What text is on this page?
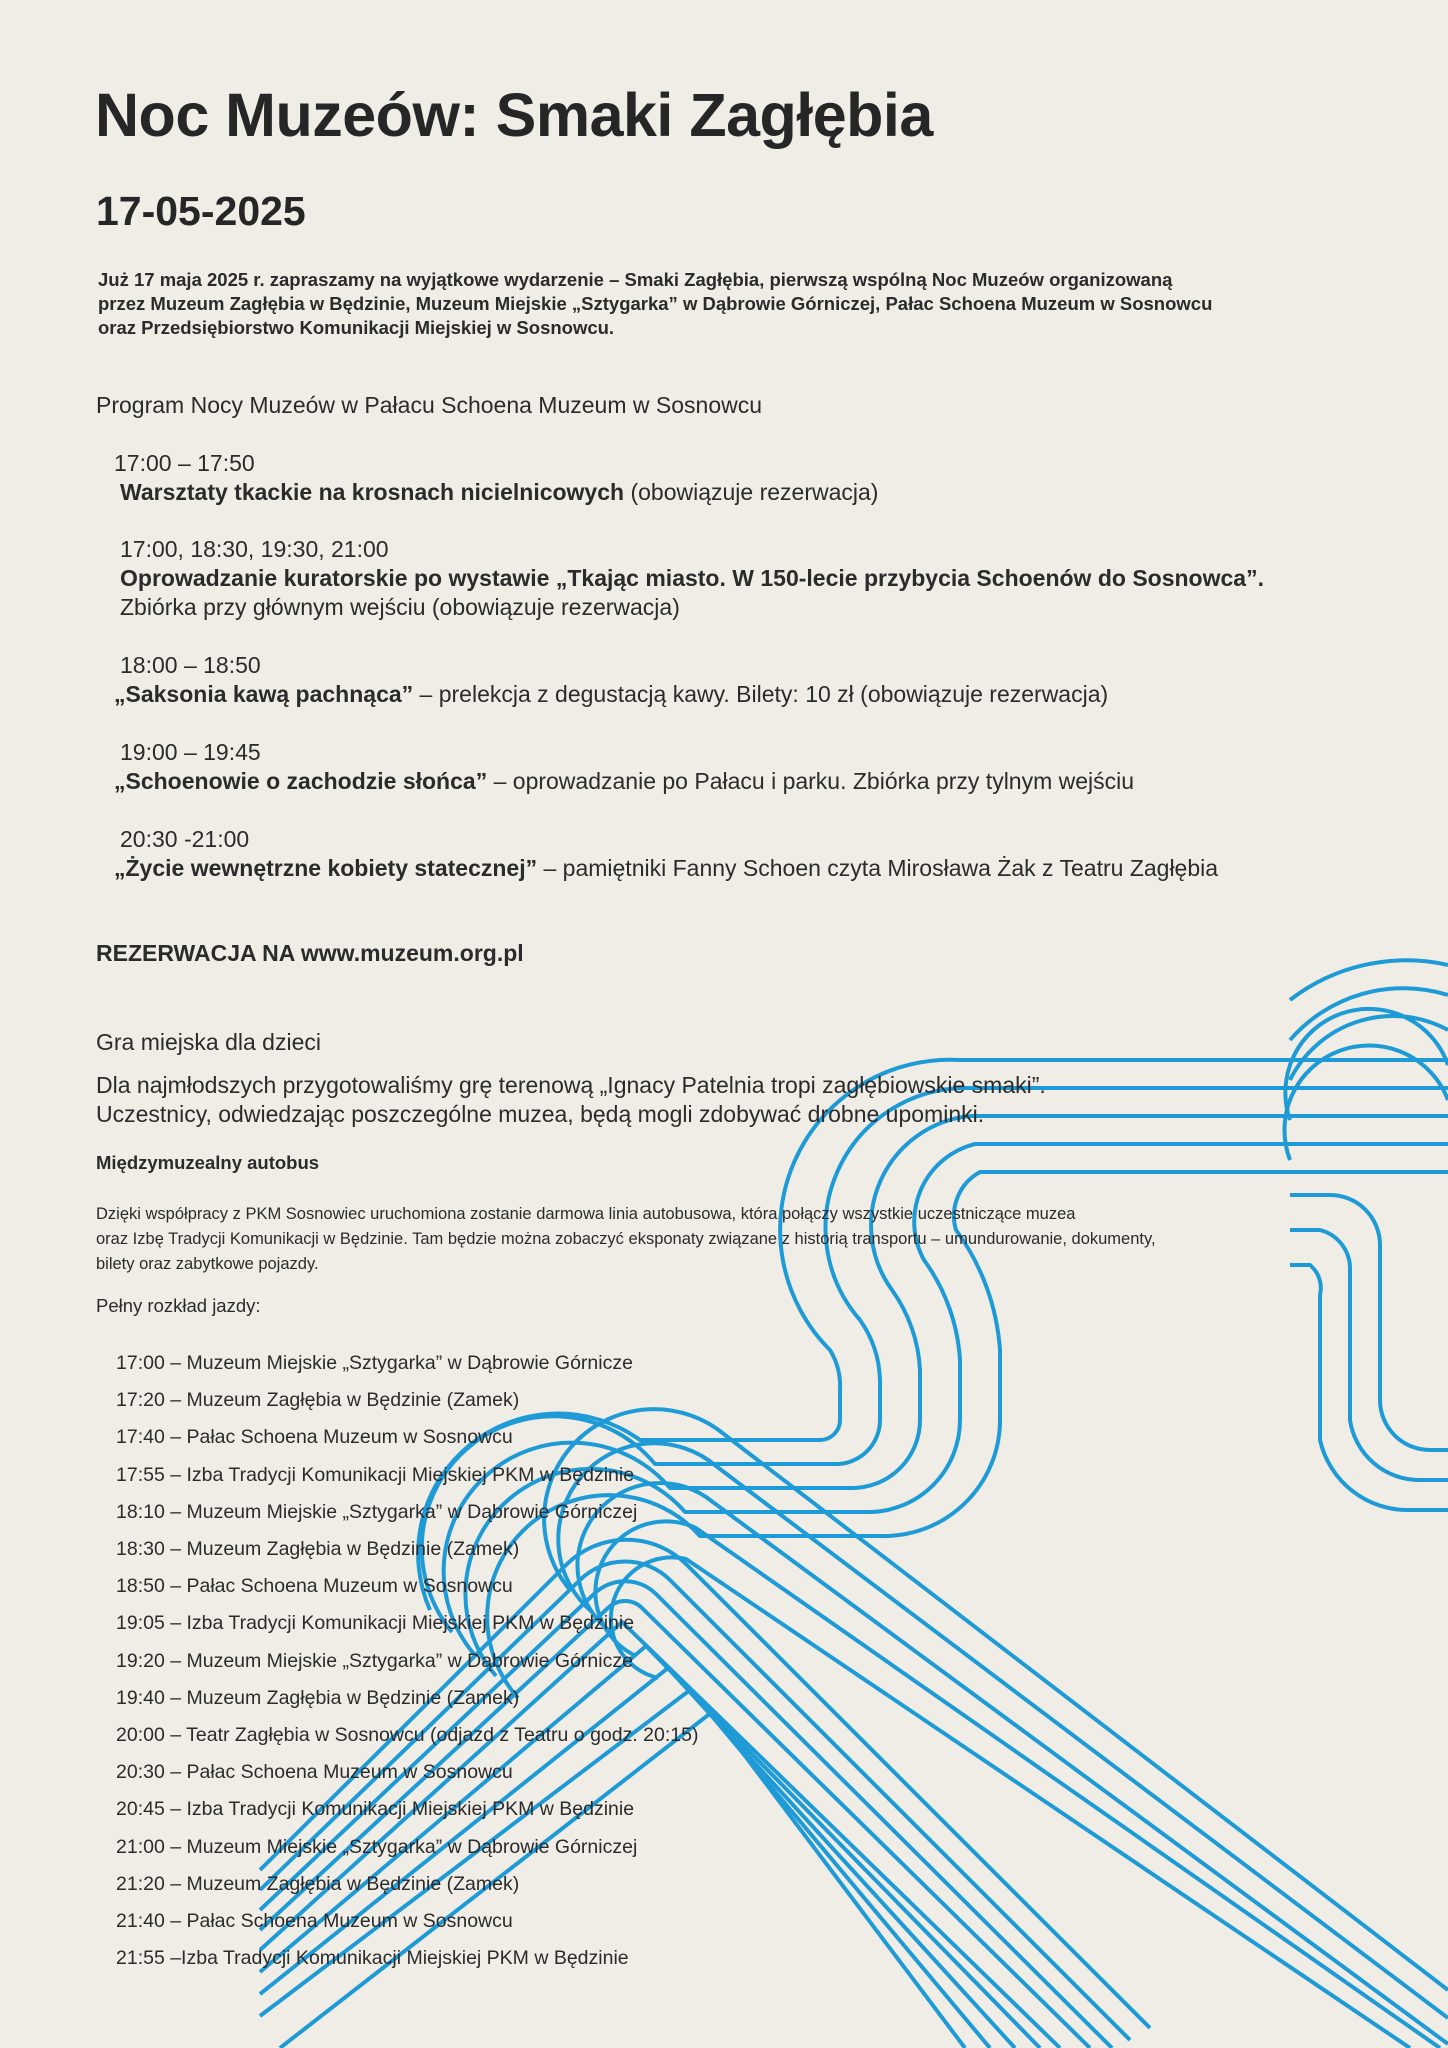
Noc Muzeów: Smaki Zagłębia
17-05-2025
Już 17 maja 2025 r. zapraszamy na wyjątkowe wydarzenie – Smaki Zagłębia, pierwszą wspólną Noc Muzeów organizowaną
przez Muzeum Zagłębia w Będzinie, Muzeum Miejskie „Sztygarka” w Dąbrowie Górniczej, Pałac Schoena Muzeum w Sosnowcu
oraz Przedsiębiorstwo Komunikacji Miejskiej w Sosnowcu.
Program Nocy Muzeów w Pałacu Schoena Muzeum w Sosnowcu
17:00 – 17:50
Warsztaty tkackie na krosnach nicielnicowych (obowiązuje rezerwacja)
17:00, 18:30, 19:30, 21:00
Oprowadzanie kuratorskie po wystawie „Tkając miasto. W 150-lecie przybycia Schoenów do Sosnowca”.
Zbiórka przy głównym wejściu (obowiązuje rezerwacja)
18:00 – 18:50
„Saksonia kawą pachnąca” – prelekcja z degustacją kawy. Bilety: 10 zł (obowiązuje rezerwacja)
19:00 – 19:45
„Schoenowie o zachodzie słońca” – oprowadzanie po Pałacu i parku. Zbiórka przy tylnym wejściu
20:30 -21:00
„Życie wewnętrzne kobiety statecznej” – pamiętniki Fanny Schoen czyta Mirosława Żak z Teatru Zagłębia
REZERWACJA NA www.muzeum.org.pl
Gra miejska dla dzieci
Dla najmłodszych przygotowaliśmy grę terenową „Ignacy Patelnia tropi zagłębiowskie smaki”.
Uczestnicy, odwiedzając poszczególne muzea, będą mogli zdobywać drobne upominki.
Międzymuzealny autobus
Dzięki współpracy z PKM Sosnowiec uruchomiona zostanie darmowa linia autobusowa, która połączy wszystkie uczestniczące muzea
oraz Izbę Tradycji Komunikacji w Będzinie. Tam będzie można zobaczyć eksponaty związane z historią transportu – umundurowanie, dokumenty,
bilety oraz zabytkowe pojazdy.
Pełny rozkład jazdy:
17:00 – Muzeum Miejskie „Sztygarka” w Dąbrowie Górnicze
17:20 – Muzeum Zagłębia w Będzinie (Zamek)
17:40 – Pałac Schoena Muzeum w Sosnowcu
17:55 – Izba Tradycji Komunikacji Miejskiej PKM w Będzinie
18:10 – Muzeum Miejskie „Sztygarka” w Dąbrowie Górniczej
18:30 – Muzeum Zagłębia w Będzinie (Zamek)
18:50 – Pałac Schoena Muzeum w Sosnowcu
19:05 – Izba Tradycji Komunikacji Miejskiej PKM w Będzinie
19:20 – Muzeum Miejskie „Sztygarka” w Dąbrowie Górnicze
19:40 – Muzeum Zagłębia w Będzinie (Zamek)
20:00 – Teatr Zagłębia w Sosnowcu (odjazd z Teatru o godz. 20:15)
20:30 – Pałac Schoena Muzeum w Sosnowcu
20:45 – Izba Tradycji Komunikacji Miejskiej PKM w Będzinie
21:00 – Muzeum Miejskie „Sztygarka” w Dąbrowie Górniczej
21:20 – Muzeum Zagłębia w Będzinie (Zamek)
21:40 – Pałac Schoena Muzeum w Sosnowcu
21:55 –Izba Tradycji Komunikacji Miejskiej PKM w Będzinie
